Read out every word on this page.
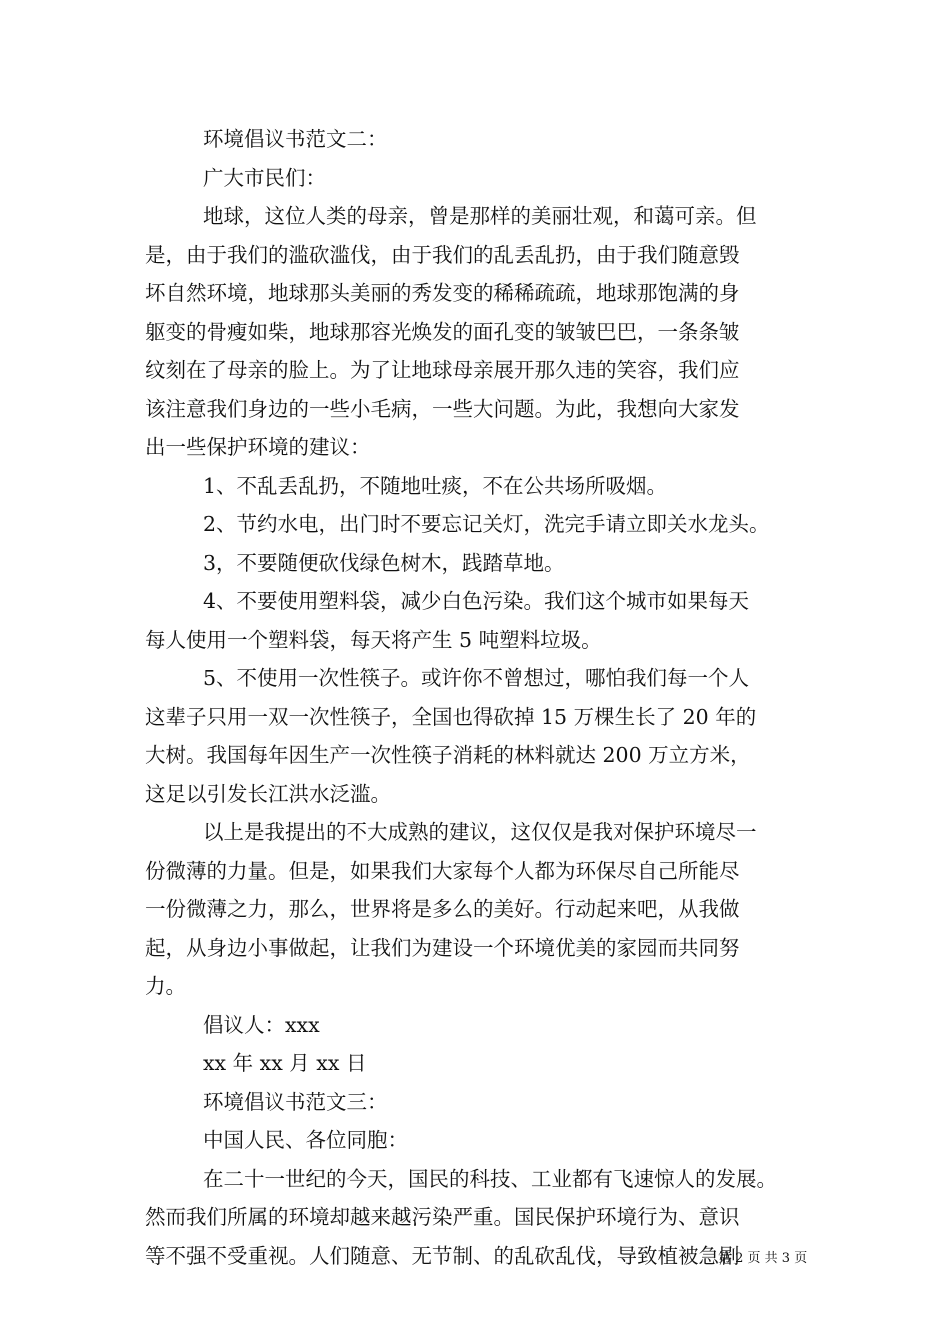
环境倡议书范文二：
广大市民们：
地球，这位人类的母亲，曾是那样的美丽壮观，和蔼可亲。但
是，由于我们的滥砍滥伐，由于我们的乱丢乱扔，由于我们随意毁
坏自然环境，地球那头美丽的秀发变的稀稀疏疏，地球那饱满的身
躯变的骨瘦如柴，地球那容光焕发的面孔变的皱皱巴巴，一条条皱
纹刻在了母亲的脸上。为了让地球母亲展开那久违的笑容，我们应
该注意我们身边的一些小毛病，一些大问题。为此，我想向大家发
出一些保护环境的建议：
1、不乱丢乱扔，不随地吐痰，不在公共场所吸烟。
2、节约水电，出门时不要忘记关灯，洗完手请立即关水龙头。
3，不要随便砍伐绿色树木，践踏草地。
4、不要使用塑料袋，减少白色污染。我们这个城市如果每天
每人使用一个塑料袋，每天将产生 5 吨塑料垃圾。
5、不使用一次性筷子。或许你不曾想过，哪怕我们每一个人
这辈子只用一双一次性筷子，全国也得砍掉 15 万棵生长了 20 年的
大树。我国每年因生产一次性筷子消耗的林料就达 200 万立方米，
这足以引发长江洪水泛滥。
以上是我提出的不大成熟的建议，这仅仅是我对保护环境尽一
份微薄的力量。但是，如果我们大家每个人都为环保尽自己所能尽
一份微薄之力，那么，世界将是多么的美好。行动起来吧，从我做
起，从身边小事做起，让我们为建设一个环境优美的家园而共同努
力。
倡议人：xxx
xx 年 xx 月 xx 日
环境倡议书范文三：
中国人民、各位同胞：
在二十一世纪的今天，国民的科技、工业都有飞速惊人的发展。
然而我们所属的环境却越来越污染严重。国民保护环境行为、意识
等不强不受重视。人们随意、无节制、的乱砍乱伐，导致植被急剧
第 2 页 共 3 页
